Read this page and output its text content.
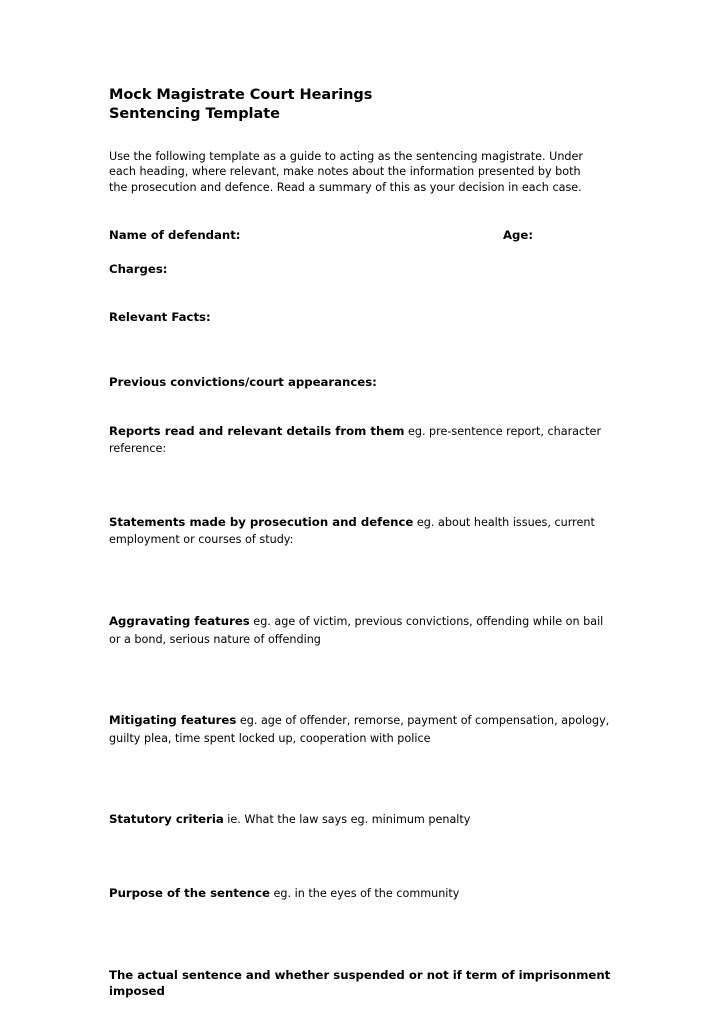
Mock Magistrate Court Hearings
Sentencing Template

Use the following template as a guide to acting as the sentencing magistrate. Under each heading, where relevant, make notes about the information presented by both the prosecution and defence. Read a summary of this as your decision in each case.

Name of defendant:	Age:
Charges:
Relevant Facts:
Previous convictions/court appearances:
Reports read and relevant details from them eg. pre-sentence report, character reference:
Statements made by prosecution and defence eg. about health issues, current employment or courses of study:
Aggravating features eg. age of victim, previous convictions, offending while on bail or a bond, serious nature of offending
Mitigating features eg. age of offender, remorse, payment of compensation, apology, guilty plea, time spent locked up, cooperation with police
Statutory criteria ie. What the law says eg. minimum penalty
Purpose of the sentence eg. in the eyes of the community
The actual sentence and whether suspended or not if term of imprisonment imposed
